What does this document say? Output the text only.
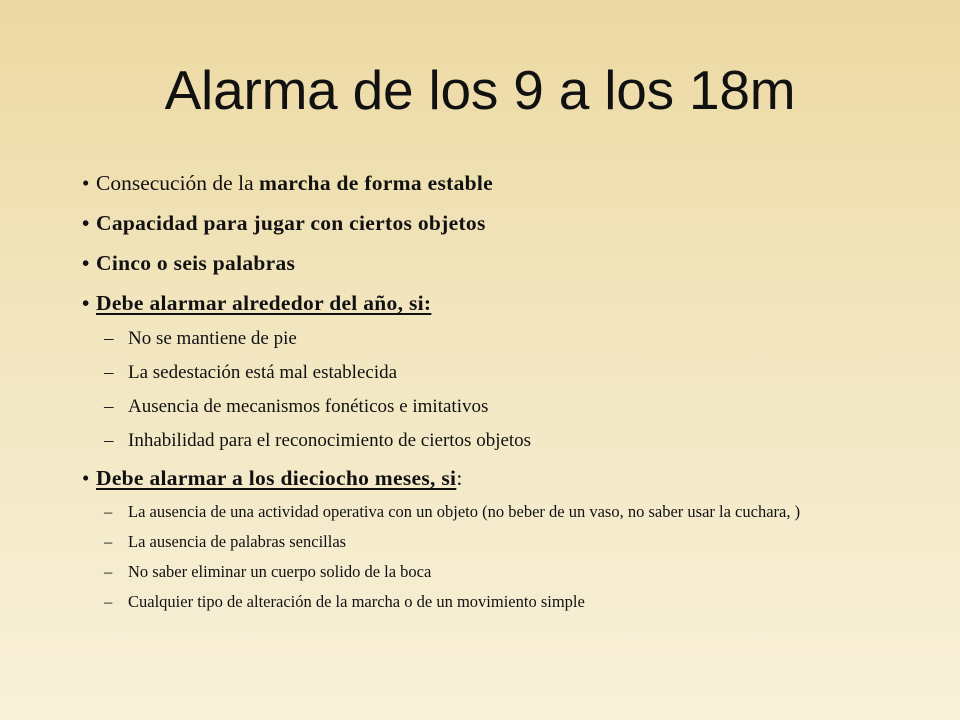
Alarma de los 9 a los 18m
• Consecución de la marcha de forma estable
• Capacidad para jugar con ciertos objetos
• Cinco o seis palabras
• Debe alarmar alrededor del año, si:
– No se mantiene de pie
– La sedestación está mal establecida
– Ausencia de mecanismos fonéticos e imitativos
– Inhabilidad para el reconocimiento de ciertos objetos
• Debe alarmar a los dieciocho meses, si:
– La ausencia de una actividad operativa con un objeto (no beber de un vaso, no saber usar la cuchara, )
– La ausencia de palabras sencillas
– No saber eliminar un cuerpo solido de la boca
– Cualquier tipo de alteración de la marcha o de un movimiento simple
